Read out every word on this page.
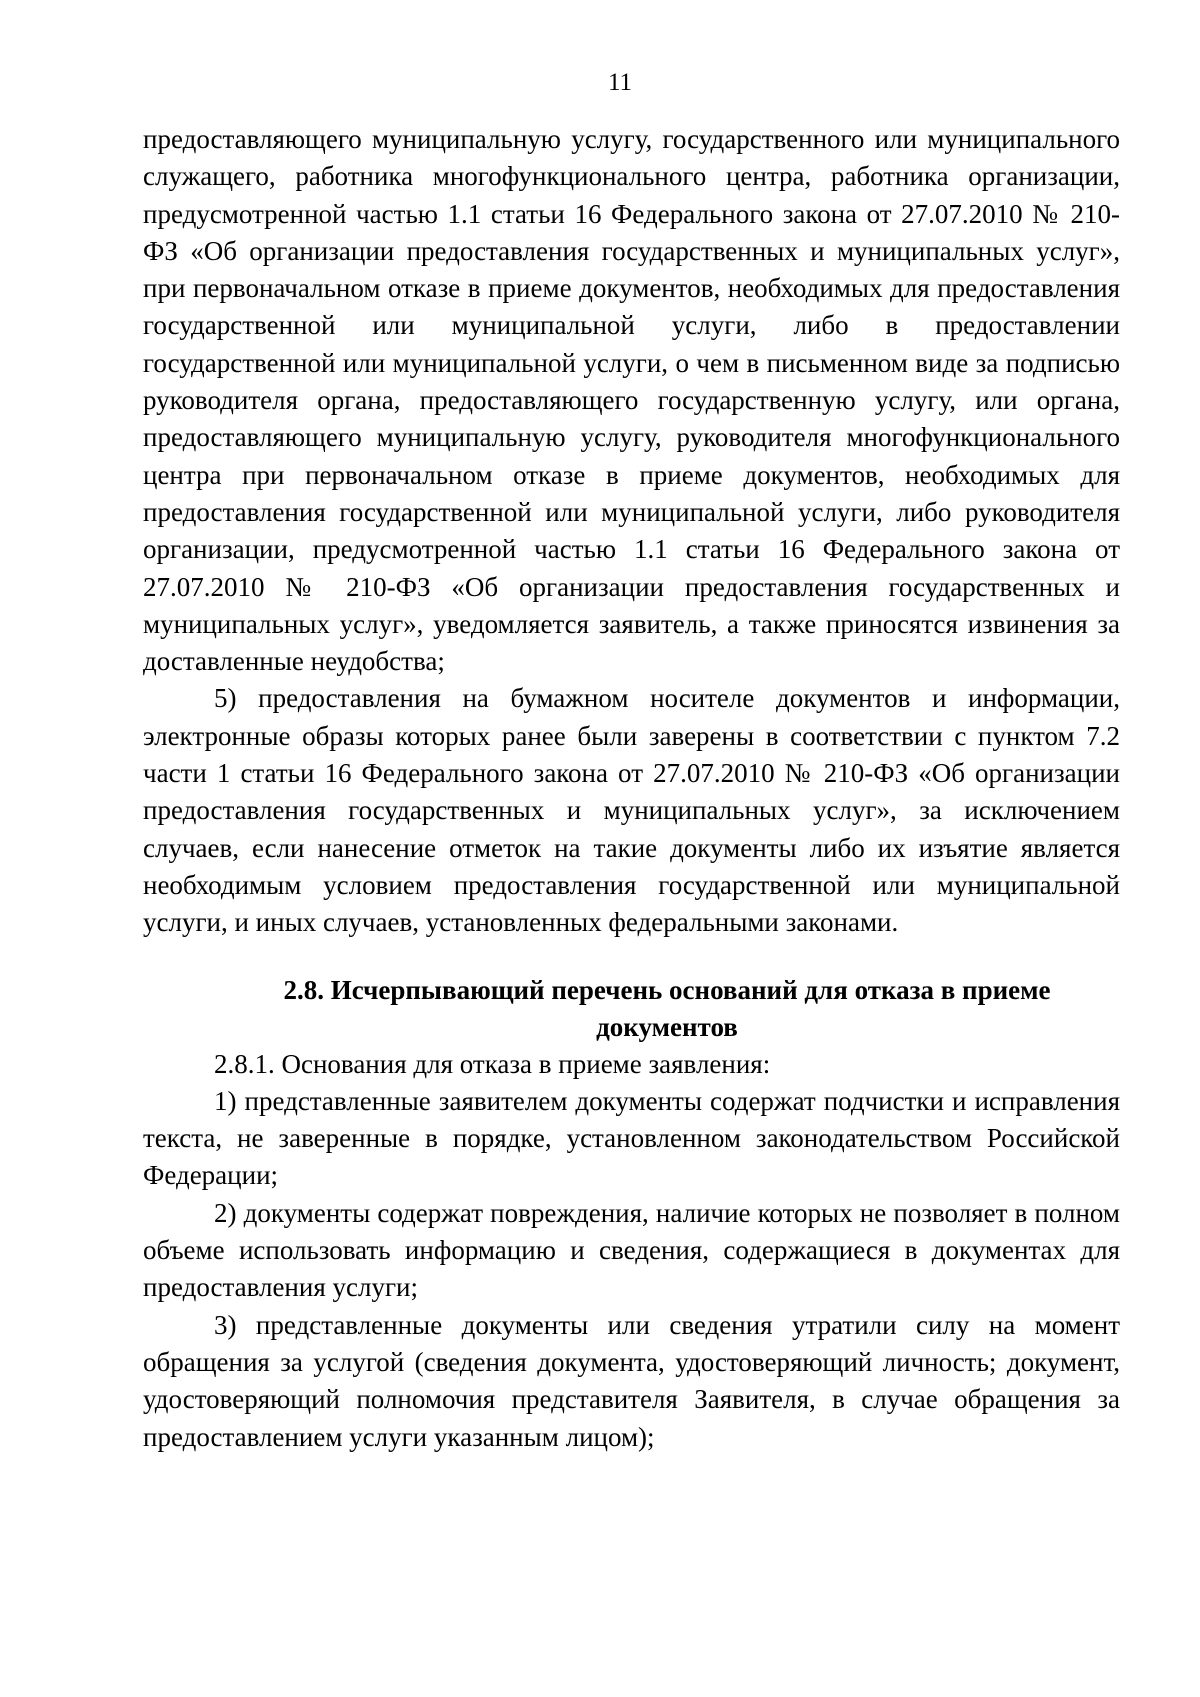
11

предоставляющего муниципальную услугу, государственного или муниципального служащего, работника многофункционального центра, работника организации, предусмотренной частью 1.1 статьи 16 Федерального закона от 27.07.2010 № 210-ФЗ «Об организации предоставления государственных и муниципальных услуг», при первоначальном отказе в приеме документов, необходимых для предоставления государственной или муниципальной услуги, либо в предоставлении государственной или муниципальной услуги, о чем в письменном виде за подписью руководителя органа, предоставляющего государственную услугу, или органа, предоставляющего муниципальную услугу, руководителя многофункционального центра при первоначальном отказе в приеме документов, необходимых для предоставления государственной или муниципальной услуги, либо руководителя организации, предусмотренной частью 1.1 статьи 16 Федерального закона от 27.07.2010 № 210-ФЗ «Об организации предоставления государственных и муниципальных услуг», уведомляется заявитель, а также приносятся извинения за доставленные неудобства;

5) предоставления на бумажном носителе документов и информации, электронные образы которых ранее были заверены в соответствии с пунктом 7.2 части 1 статьи 16 Федерального закона от 27.07.2010 № 210-ФЗ «Об организации предоставления государственных и муниципальных услуг», за исключением случаев, если нанесение отметок на такие документы либо их изъятие является необходимым условием предоставления государственной или муниципальной услуги, и иных случаев, установленных федеральными законами.

2.8. Исчерпывающий перечень оснований для отказа в приеме
документов

2.8.1. Основания для отказа в приеме заявления:

1) представленные заявителем документы содержат подчистки и исправления текста, не заверенные в порядке, установленном законодательством Российской Федерации;

2) документы содержат повреждения, наличие которых не позволяет в полном объеме использовать информацию и сведения, содержащиеся в документах для предоставления услуги;

3) представленные документы или сведения утратили силу на момент обращения за услугой (сведения документа, удостоверяющий личность; документ, удостоверяющий полномочия представителя Заявителя, в случае обращения за предоставлением услуги указанным лицом);
